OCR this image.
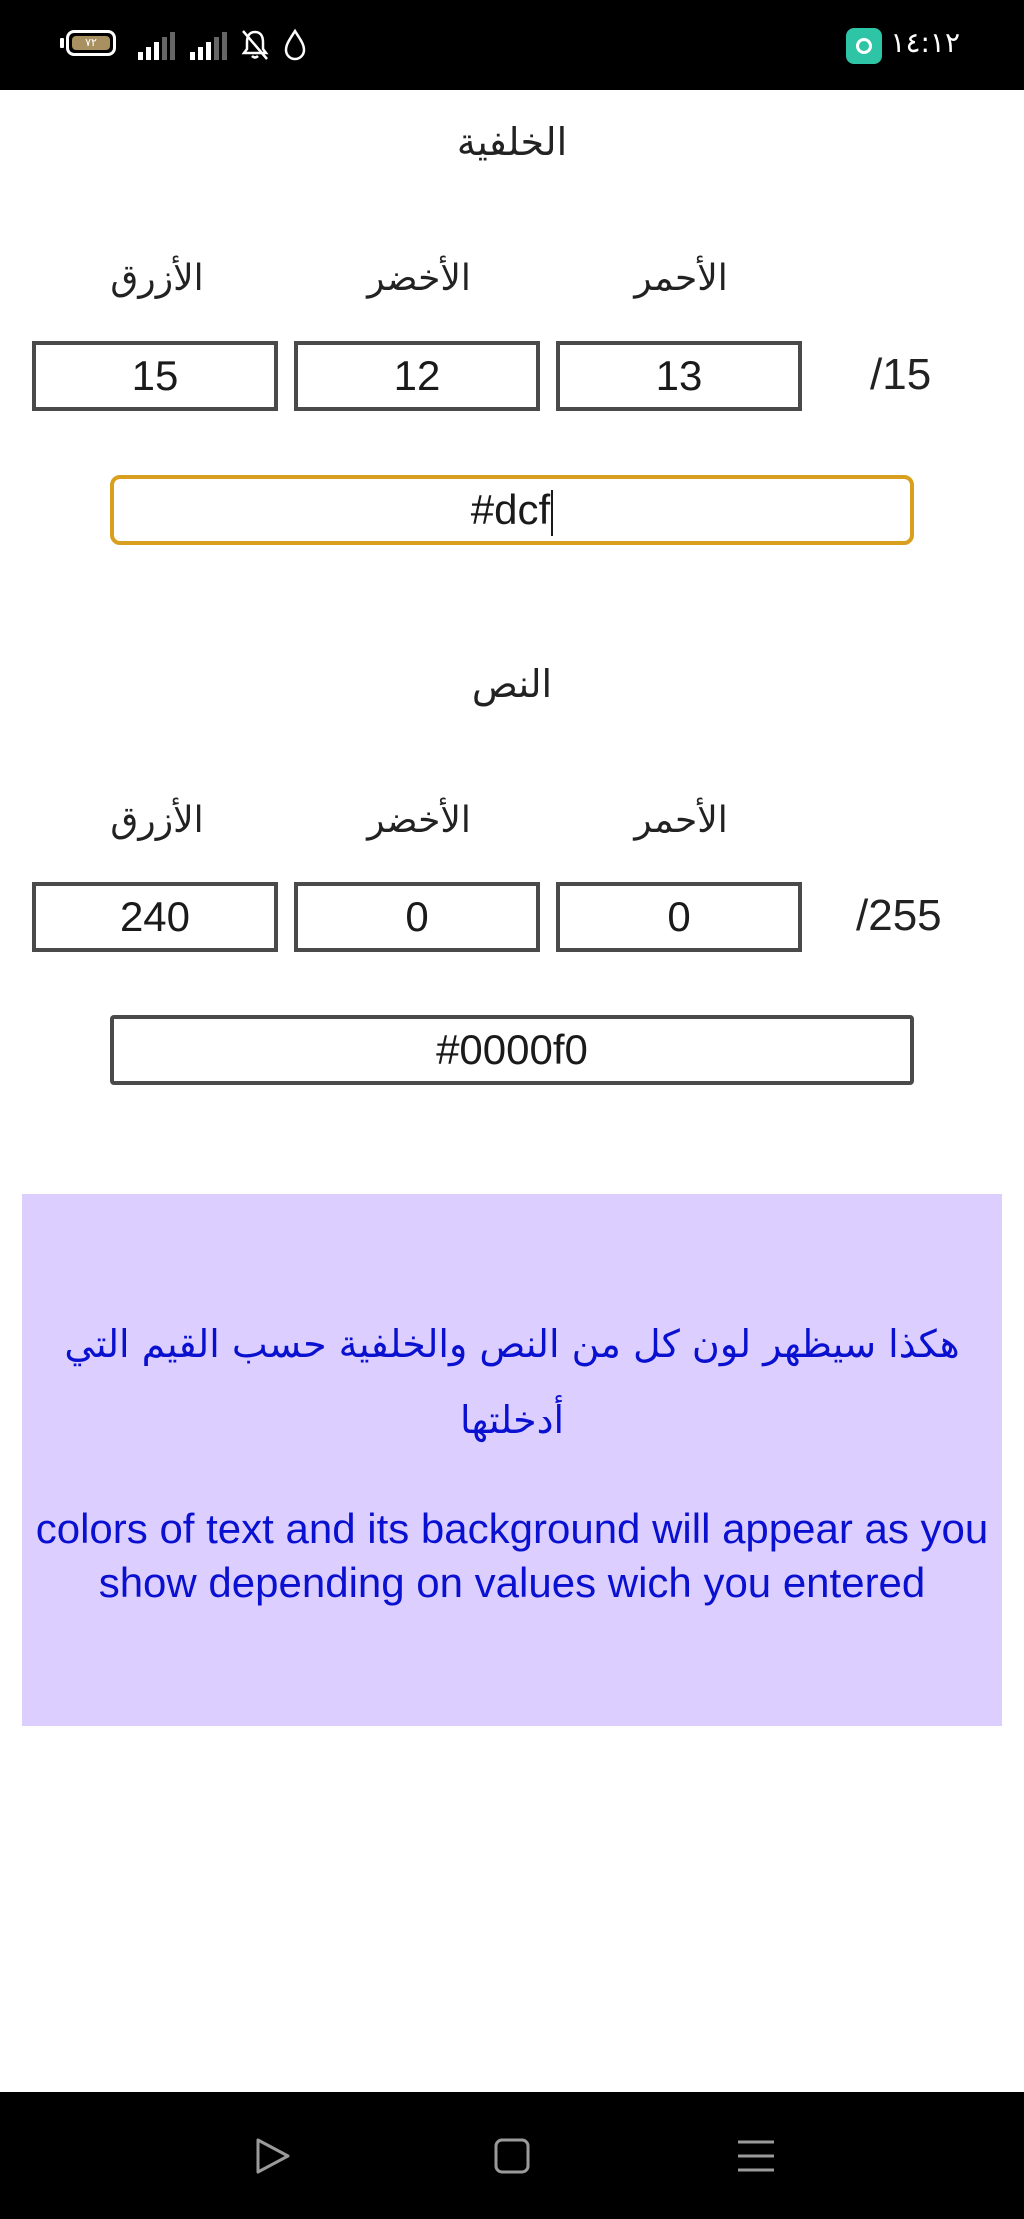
٧٢	١٤:١٢
الخلفية
الأزرق	الأخضر	الأحمر
15	12	13	/15
#dcf
النص
الأزرق	الأخضر	الأحمر
240	0	0	/255
#0000f0
هكذا سيظهر لون كل من النص والخلفية حسب القيم التي أدخلتها
colors of text and its background will appear as you show depending on values wich you entered
